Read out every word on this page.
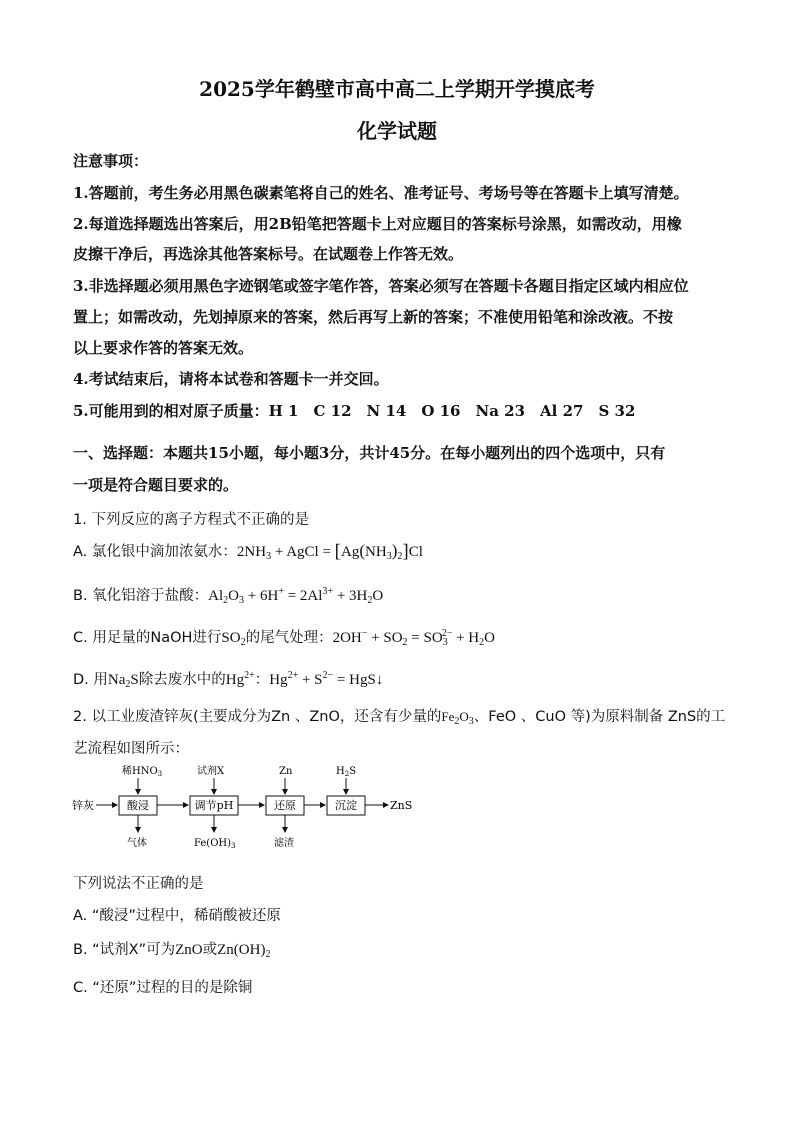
2025学年鹤壁市高中高二上学期开学摸底考
化学试题
注意事项：
1.答题前，考生务必用黑色碳素笔将自己的姓名、准考证号、考场号等在答题卡上填写清楚。
2.每道选择题选出答案后，用2B铅笔把答题卡上对应题目的答案标号涂黑，如需改动，用橡
皮擦干净后，再选涂其他答案标号。在试题卷上作答无效。
3.非选择题必须用黑色字迹钢笔或签字笔作答，答案必须写在答题卡各题目指定区域内相应位
置上；如需改动，先划掉原来的答案，然后再写上新的答案；不准使用铅笔和涂改液。不按
以上要求作答的答案无效。
4.考试结束后，请将本试卷和答题卡一并交回。
5.可能用到的相对原子质量：H 1　C 12　N 14　O 16　Na 23　Al 27　S 32
一、选择题：本题共15小题，每小题3分，共计45分。在每小题列出的四个选项中，只有
一项是符合题目要求的。
1. 下列反应的离子方程式不正确的是
A. 氯化银中滴加浓氨水：$2NH_3$ + AgCl = $[Ag(NH_3)_2]Cl$
B. 氧化铝溶于盐酸：$Al_2O_3 + 6H^+ = 2Al^{3+} + 3H_2O$
C. 用足量的NaOH进行$SO_2$的尾气处理：$2OH^- + SO_2 = SO_3^{2-} + H_2O$
D. 用$Na_2S$除去废水中的$Hg^{2+}$：$Hg^{2+} + S^{2-}$ = HgS↓
2. 以工业废渣锌灰(主要成分为Zn 、ZnO，还含有少量的$Fe_2O_3$、FeO 、CuO 等)为原料制备 ZnS的工
艺流程如图所示：
锌灰	酸浸	调节pH	还原	沉淀	ZnS
稀$HNO_3$	试剂X	Zn	$H_2S$
气体	$Fe(OH)_3$	滤渣
下列说法不正确的是
A. “酸浸”过程中，稀硝酸被还原
B. “试剂Ⅹ”可为ZnO或$Zn(OH)_2$
C. “还原”过程的目的是除铜
